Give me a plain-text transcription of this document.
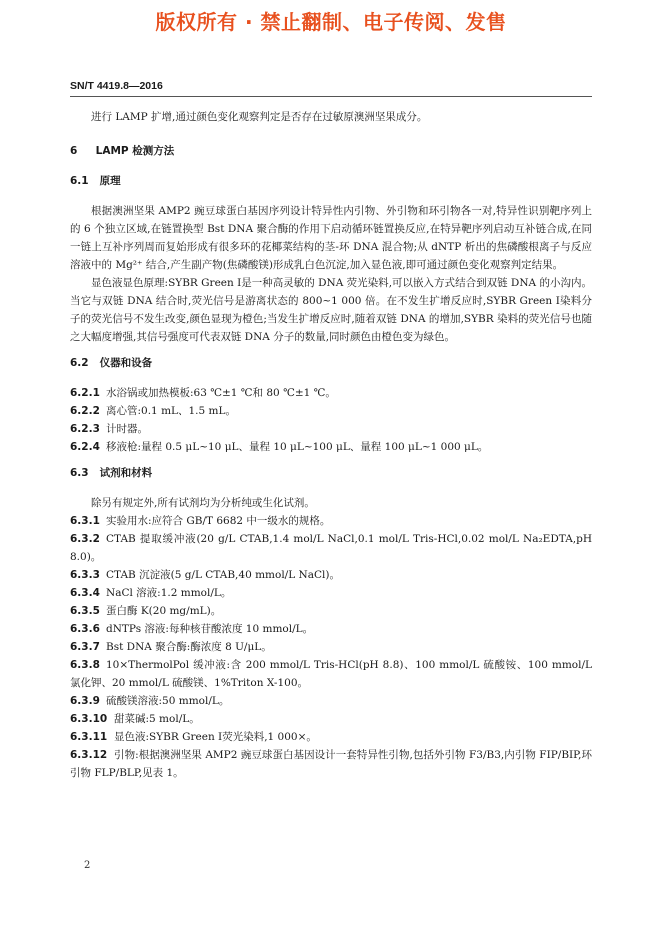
版权所有 · 禁止翻制、电子传阅、发售
SN/T 4419.8—2016

进行 LAMP 扩增,通过颜色变化观察判定是否存在过敏原澳洲坚果成分。

6 LAMP 检测方法
6.1 原理

根据澳洲坚果 AMP2 豌豆球蛋白基因序列设计特异性内引物、外引物和环引物各一对,特异性识别靶序列上的 6 个独立区域,在链置换型 Bst DNA 聚合酶的作用下启动循环链置换反应,在特异靶序列启动互补链合成,在同一链上互补序列周而复始形成有很多环的花椰菜结构的茎-环 DNA 混合物;从 dNTP 析出的焦磷酸根离子与反应溶液中的 Mg²⁺ 结合,产生副产物(焦磷酸镁)形成乳白色沉淀,加入显色液,即可通过颜色变化观察判定结果。

显色液显色原理:SYBR Green Ⅰ是一种高灵敏的 DNA 荧光染料,可以嵌入方式结合到双链 DNA 的小沟内。当它与双链 DNA 结合时,荧光信号是游离状态的 800~1 000 倍。在不发生扩增反应时,SYBR Green Ⅰ染料分子的荧光信号不发生改变,颜色显现为橙色;当发生扩增反应时,随着双链 DNA 的增加,SYBR 染料的荧光信号也随之大幅度增强,其信号强度可代表双链 DNA 分子的数量,同时颜色由橙色变为绿色。

6.2 仪器和设备

6.2.1 水浴锅或加热模板:63 ℃±1 ℃和 80 ℃±1 ℃。

6.2.2 离心管:0.1 mL、1.5 mL。

6.2.3 计时器。

6.2.4 移液枪:量程 0.5 μL~10 μL、量程 10 μL~100 μL、量程 100 μL~1 000 μL。

6.3 试剂和材料

除另有规定外,所有试剂均为分析纯或生化试剂。

6.3.1 实验用水:应符合 GB/T 6682 中一级水的规格。

6.3.2 CTAB 提取缓冲液(20 g/L CTAB,1.4 mol/L NaCl,0.1 mol/L Tris-HCl,0.02 mol/L Na₂EDTA,pH 8.0)。

6.3.3 CTAB 沉淀液(5 g/L CTAB,40 mmol/L NaCl)。

6.3.4 NaCl 溶液:1.2 mmol/L。

6.3.5 蛋白酶 K(20 mg/mL)。

6.3.6 dNTPs 溶液:每种核苷酸浓度 10 mmol/L。

6.3.7 Bst DNA 聚合酶:酶浓度 8 U/μL。

6.3.8 10×ThermolPol 缓冲液:含 200 mmol/L Tris-HCl(pH 8.8)、100 mmol/L 硫酸铵、100 mmol/L 氯化钾、20 mmol/L 硫酸镁、1%Triton X-100。

6.3.9 硫酸镁溶液:50 mmol/L。

6.3.10 甜菜碱:5 mol/L。

6.3.11 显色液:SYBR Green Ⅰ荧光染料,1 000×。

6.3.12 引物:根据澳洲坚果 AMP2 豌豆球蛋白基因设计一套特异性引物,包括外引物 F3/B3,内引物 FIP/BIP,环引物 FLP/BLP,见表 1。

2
